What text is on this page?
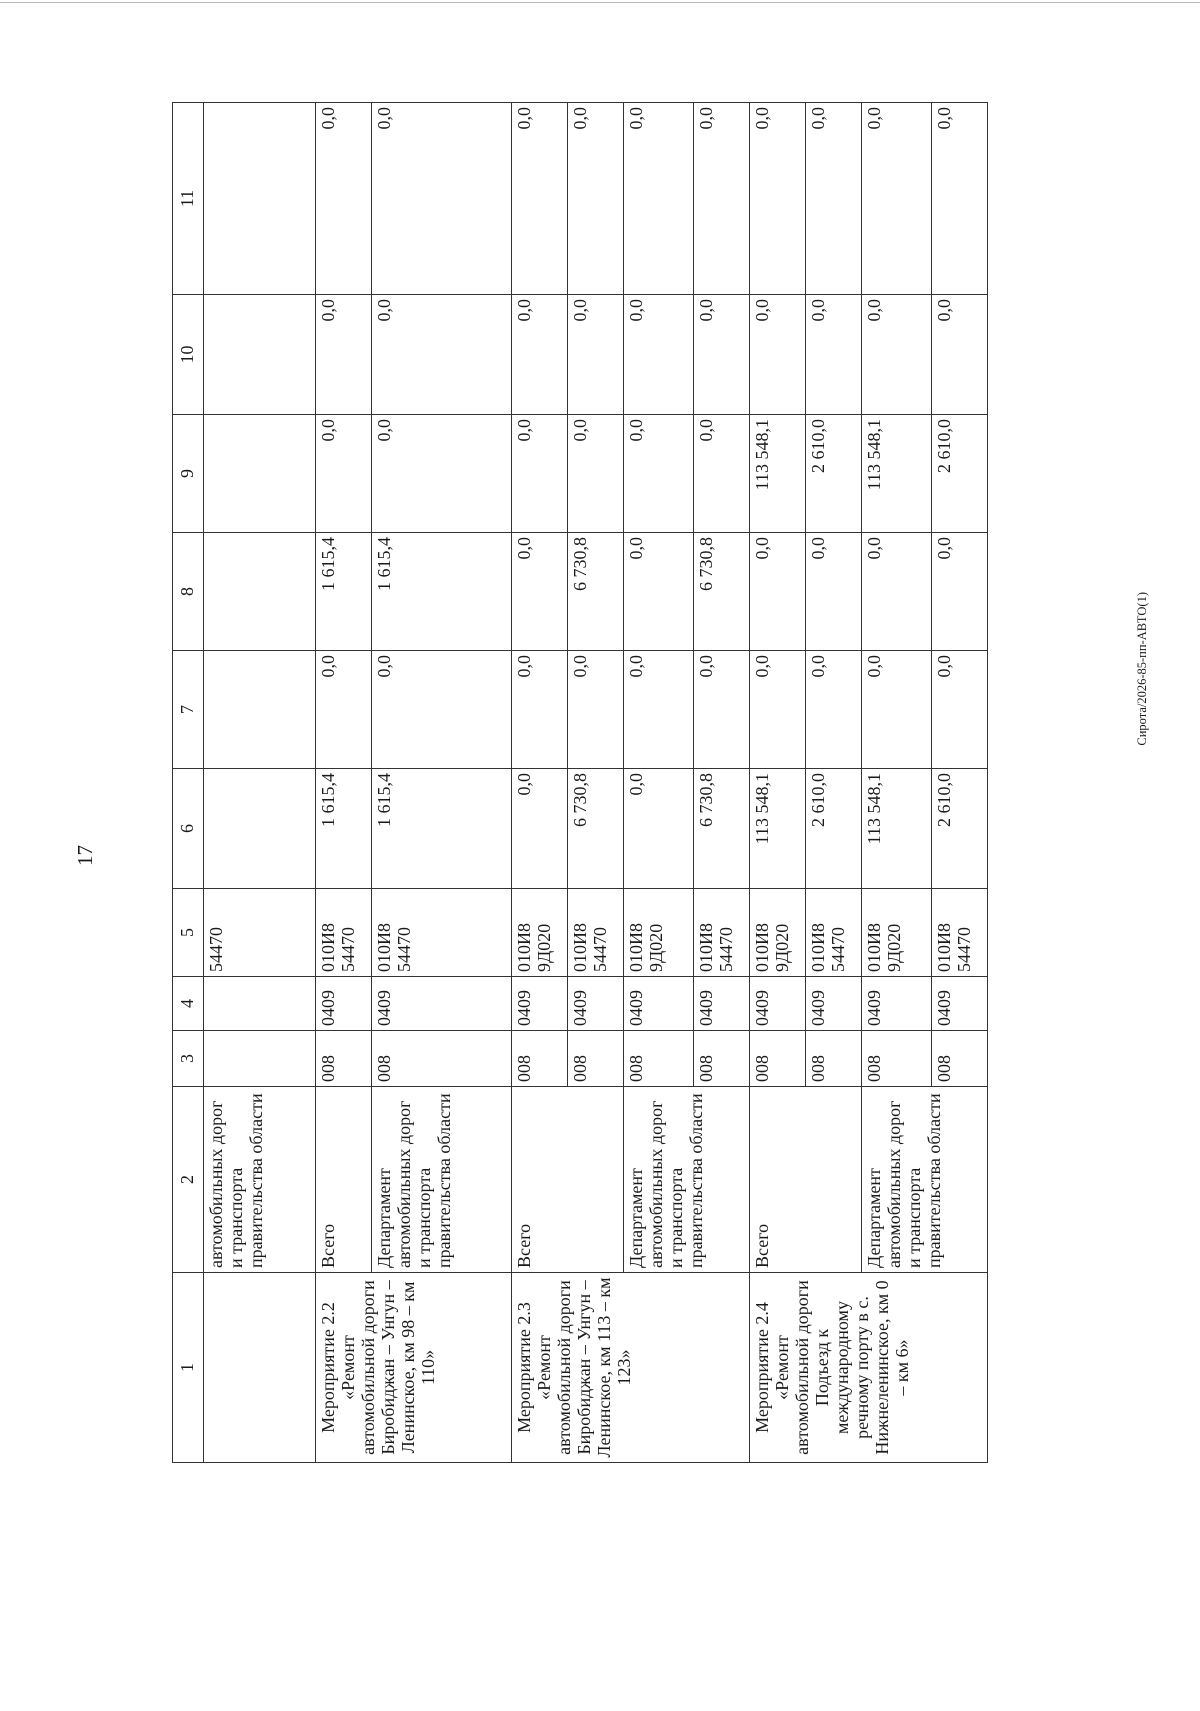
17
1	2	3	4	5	6	7	8	9	10	11
	автомобильных дорог и транспорта правительства области			54470						
Мероприятие 2.2 «Ремонт автомобильной дороги Биробиджан – Унгун – Ленинское, км 98 – км 110»	Всего	008	0409	010И8 54470	1 615,4	0,0	1 615,4	0,0	0,0	0,0
	Департамент автомобильных дорог и транспорта правительства области	008	0409	010И8 54470	1 615,4	0,0	1 615,4	0,0	0,0	0,0
Мероприятие 2.3 «Ремонт автомобильной дороги Биробиджан – Унгун – Ленинское, км 113 – км 123»	Всего	008	0409	010И8 9Д020	0,0	0,0	0,0	0,0	0,0	0,0
		008	0409	010И8 54470	6 730,8	0,0	6 730,8	0,0	0,0	0,0
	Департамент автомобильных дорог и транспорта правительства области	008	0409	010И8 9Д020	0,0	0,0	0,0	0,0	0,0	0,0
		008	0409	010И8 54470	6 730,8	0,0	6 730,8	0,0	0,0	0,0
Мероприятие 2.4 «Ремонт автомобильной дороги Подъезд к международному речному порту в с. Нижнеленинское, км 0 – км 6»	Всего	008	0409	010И8 9Д020	113 548,1	0,0	0,0	113 548,1	0,0	0,0
		008	0409	010И8 54470	2 610,0	0,0	0,0	2 610,0	0,0	0,0
	Департамент автомобильных дорог и транспорта правительства области	008	0409	010И8 9Д020	113 548,1	0,0	0,0	113 548,1	0,0	0,0
		008	0409	010И8 54470	2 610,0	0,0	0,0	2 610,0	0,0	0,0
Сирота/2026-85-пп-АВТО(1)
